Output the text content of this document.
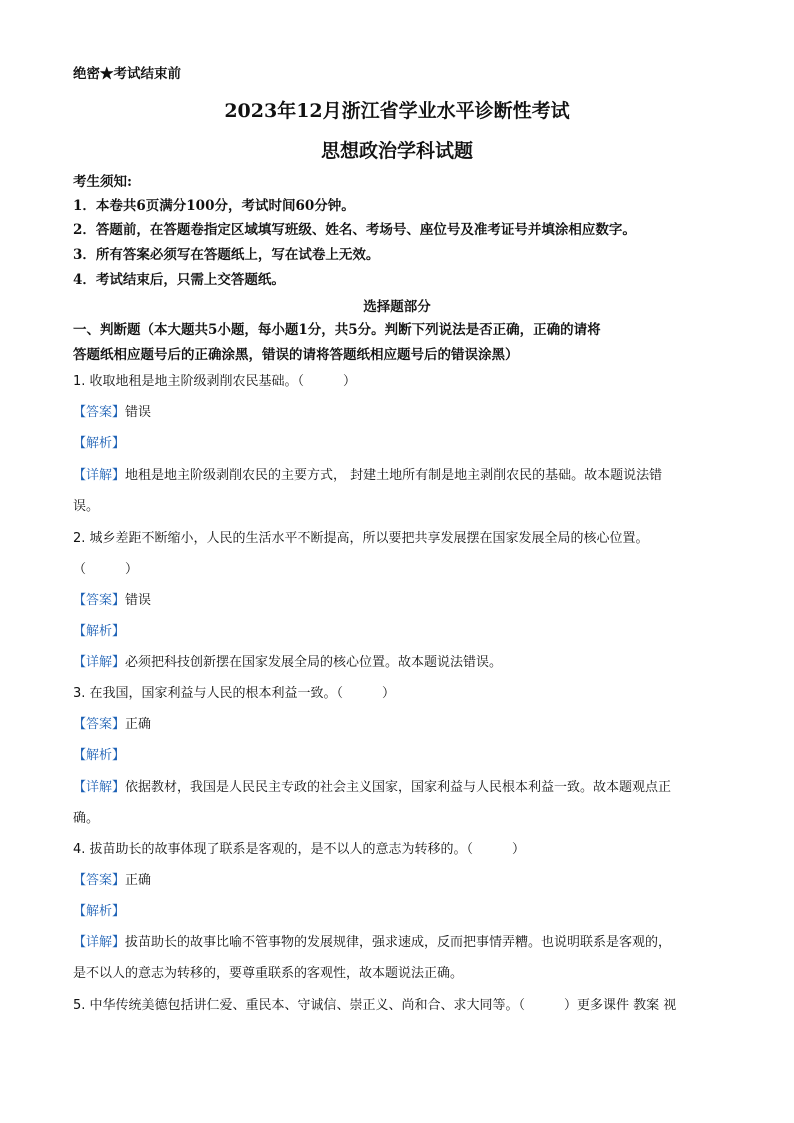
绝密★考试结束前
2023年12月浙江省学业水平诊断性考试
思想政治学科试题
考生须知:
1．本卷共6页满分100分，考试时间60分钟。
2．答题前，在答题卷指定区域填写班级、姓名、考场号、座位号及准考证号并填涂相应数字。
3．所有答案必须写在答题纸上，写在试卷上无效。
4．考试结束后，只需上交答题纸。
选择题部分
一、判断题（本大题共5小题，每小题1分，共5分。判断下列说法是否正确，正确的请将
答题纸相应题号后的正确涂黑，错误的请将答题纸相应题号后的错误涂黑）
1. 收取地租是地主阶级剥削农民基础。（　　　）
【答案】错误
【解析】
【详解】地租是地主阶级剥削农民的主要方式， 封建土地所有制是地主剥削农民的基础。故本题说法错
误。
2. 城乡差距不断缩小，人民的生活水平不断提高，所以要把共享发展摆在国家发展全局的核心位置。
（　　　）
【答案】错误
【解析】
【详解】必须把科技创新摆在国家发展全局的核心位置。故本题说法错误。
3. 在我国，国家利益与人民的根本利益一致。（　　　）
【答案】正确
【解析】
【详解】依据教材，我国是人民民主专政的社会主义国家，国家利益与人民根本利益一致。故本题观点正
确。
4. 拔苗助长的故事体现了联系是客观的，是不以人的意志为转移的。（　　　）
【答案】正确
【解析】
【详解】拔苗助长的故事比喻不管事物的发展规律，强求速成，反而把事情弄糟。也说明联系是客观的，
是不以人的意志为转移的，要尊重联系的客观性，故本题说法正确。
5. 中华传统美德包括讲仁爱、重民本、守诚信、崇正义、尚和合、求大同等。（　　　）更多课件 教案 视
